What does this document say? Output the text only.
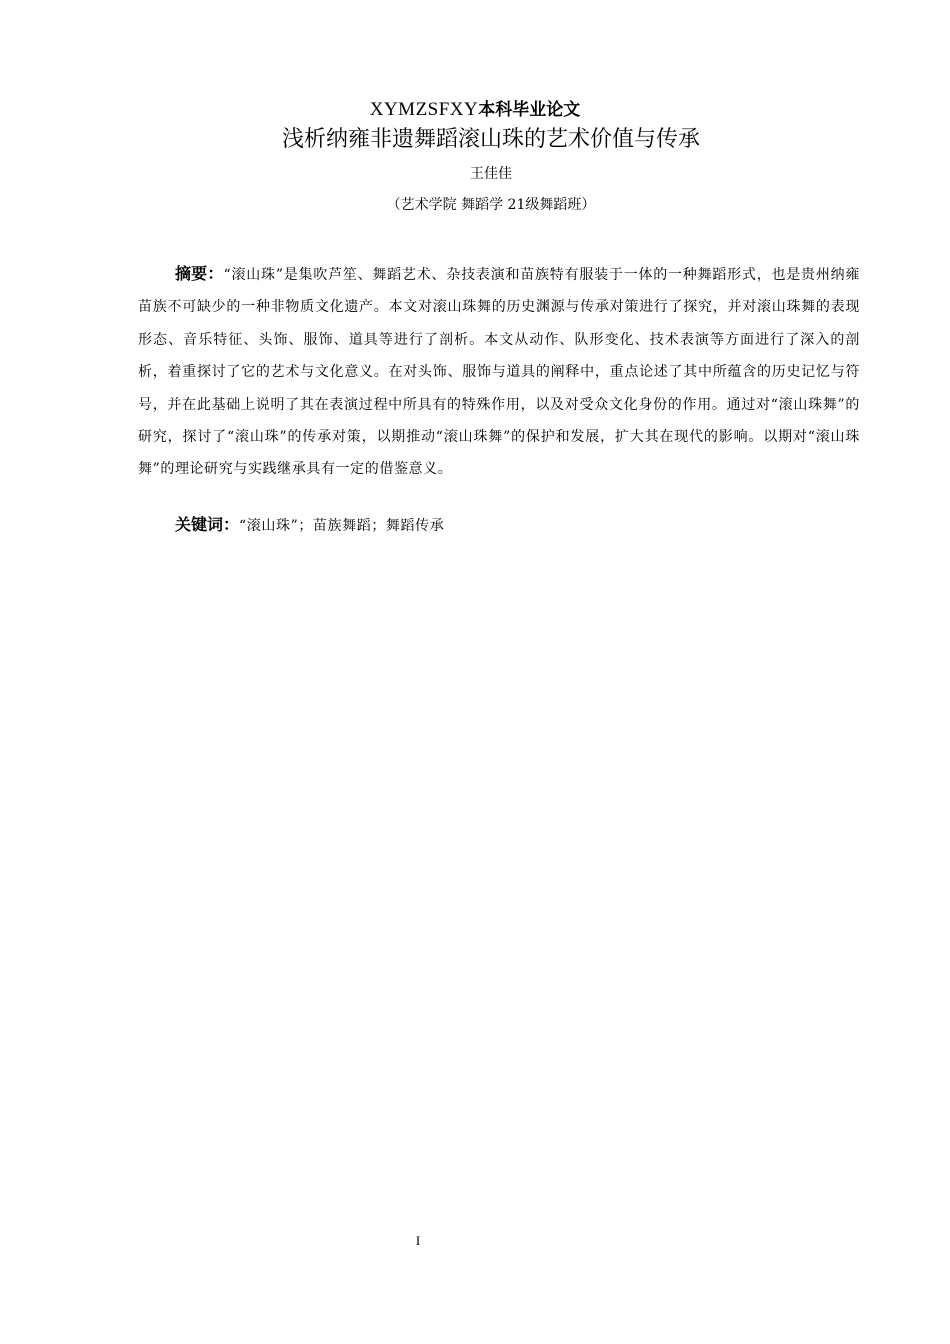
XYMZSFXY本科毕业论文
浅析纳雍非遗舞蹈滚山珠的艺术价值与传承
王佳佳
（艺术学院 舞蹈学 21级舞蹈班）
摘要：“滚山珠”是集吹芦笙、舞蹈艺术、杂技表演和苗族特有服装于一体的一种舞蹈形式，也是贵州纳雍苗族不可缺少的一种非物质文化遗产。本文对滚山珠舞的历史渊源与传承对策进行了探究，并对滚山珠舞的表现形态、音乐特征、头饰、服饰、道具等进行了剖析。本文从动作、队形变化、技术表演等方面进行了深入的剖析，着重探讨了它的艺术与文化意义。在对头饰、服饰与道具的阐释中，重点论述了其中所蕴含的历史记忆与符号，并在此基础上说明了其在表演过程中所具有的特殊作用，以及对受众文化身份的作用。通过对“滚山珠舞”的研究，探讨了“滚山珠”的传承对策，以期推动“滚山珠舞”的保护和发展，扩大其在现代的影响。以期对“滚山珠舞”的理论研究与实践继承具有一定的借鉴意义。
关键词：“滚山珠”；苗族舞蹈；舞蹈传承
I
